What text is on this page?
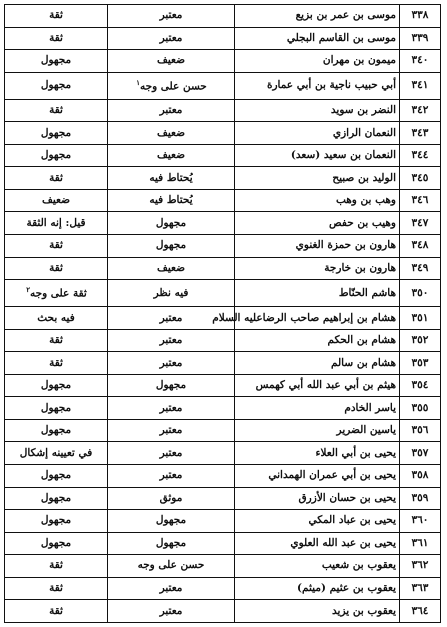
٣٣٨	موسى بن عمر بن بزيع	معتبر	ثقة
٣٣٩	موسى بن القاسم البجلي	معتبر	ثقة
٣٤٠	ميمون بن مهران	ضعيف	مجهول
٣٤١	أبي حبيب ناجية بن أبي عمارة	حسن على وجه$^١$	مجهول
٣٤٢	النضر بن سويد	معتبر	ثقة
٣٤٣	النعمان الرازي	ضعيف	مجهول
٣٤٤	النعمان بن سعيد (سعد)	ضعيف	مجهول
٣٤٥	الوليد بن صبيح	يُحتاط فيه	ثقة
٣٤٦	وهب بن وهب	يُحتاط فيه	ضعيف
٣٤٧	وهيب بن حفص	مجهول	قيل: إنه الثقة
٣٤٨	هارون بن حمزة الغنوي	مجهول	ثقة
٣٤٩	هارون بن خارجة	ضعيف	ثقة
٣٥٠	هاشم الحنّاط	فيه نظر	ثقة على وجه$^٢$
٣٥١	هشام بن إبراهيم صاحب الرضاعليه السلام	معتبر	فيه بحث
٣٥٢	هشام بن الحكم	معتبر	ثقة
٣٥٣	هشام بن سالم	معتبر	ثقة
٣٥٤	هيثم بن أبي عبد الله أبي كهمس	مجهول	مجهول
٣٥٥	ياسر الخادم	معتبر	مجهول
٣٥٦	ياسين الضرير	معتبر	مجهول
٣٥٧	يحيى بن أبي العلاء	معتبر	في تعيينه إشكال
٣٥٨	يحيى بن أبي عمران الهمداني	معتبر	مجهول
٣٥٩	يحيى بن حسان الأزرق	موثق	مجهول
٣٦٠	يحيى بن عباد المكي	مجهول	مجهول
٣٦١	يحيى بن عبد الله العلوي	مجهول	مجهول
٣٦٢	يعقوب بن شعيب	حسن على وجه	ثقة
٣٦٣	يعقوب بن عثيم (ميثم)	معتبر	ثقة
٣٦٤	يعقوب بن يزيد	معتبر	ثقة
